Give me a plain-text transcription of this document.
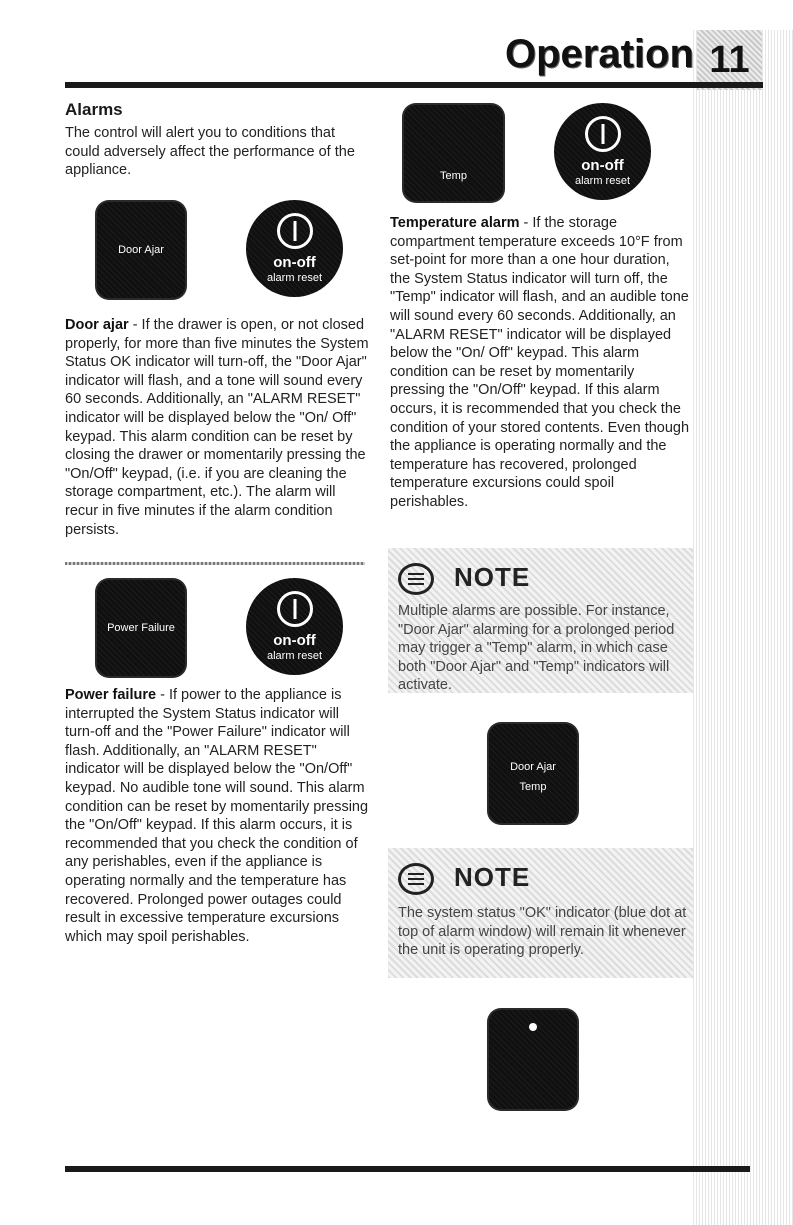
Operation 11
Alarms
The control will alert you to conditions that could adversely affect the performance of the appliance.
Door Ajar
on-off
alarm reset
Door ajar - If the drawer is open, or not closed properly, for more than five minutes the System Status OK indicator will turn-off, the "Door Ajar" indicator will flash, and a tone will sound every 60 seconds. Additionally, an "ALARM RESET" indicator will be displayed below the "On/ Off" keypad. This alarm condition can be reset by closing the drawer or momentarily pressing the "On/Off" keypad, (i.e. if you are cleaning the storage compartment, etc.). The alarm will recur in five minutes if the alarm condition persists.
Power Failure
on-off
alarm reset
Power failure - If power to the appliance is interrupted the System Status indicator will turn-off and the "Power Failure" indicator will flash. Additionally, an "ALARM RESET" indicator will be displayed below the "On/Off" keypad. No audible tone will sound. This alarm condition can be reset by momentarily pressing the "On/Off" keypad. If this alarm occurs, it is recommended that you check the condition of any perishables, even if the appliance is operating normally and the temperature has recovered. Prolonged power outages could result in excessive temperature excursions which may spoil perishables.
Temp
on-off
alarm reset
Temperature alarm - If the storage compartment temperature exceeds 10°F from set-point for more than a one hour duration, the System Status indicator will turn off, the "Temp" indicator will flash, and an audible tone will sound every 60 seconds. Additionally, an "ALARM RESET" indicator will be displayed below the "On/ Off" keypad. This alarm condition can be reset by momentarily pressing the "On/Off" keypad. If this alarm occurs, it is recommended that you check the condition of your stored contents. Even though the appliance is operating normally and the temperature has recovered, prolonged temperature excursions could spoil perishables.
NOTE
Multiple alarms are possible. For instance, "Door Ajar" alarming for a prolonged period may trigger a "Temp" alarm, in which case both "Door Ajar" and "Temp" indicators will activate.
Door Ajar
Temp
NOTE
The system status "OK" indicator (blue dot at top of alarm window) will remain lit whenever the unit is operating properly.
